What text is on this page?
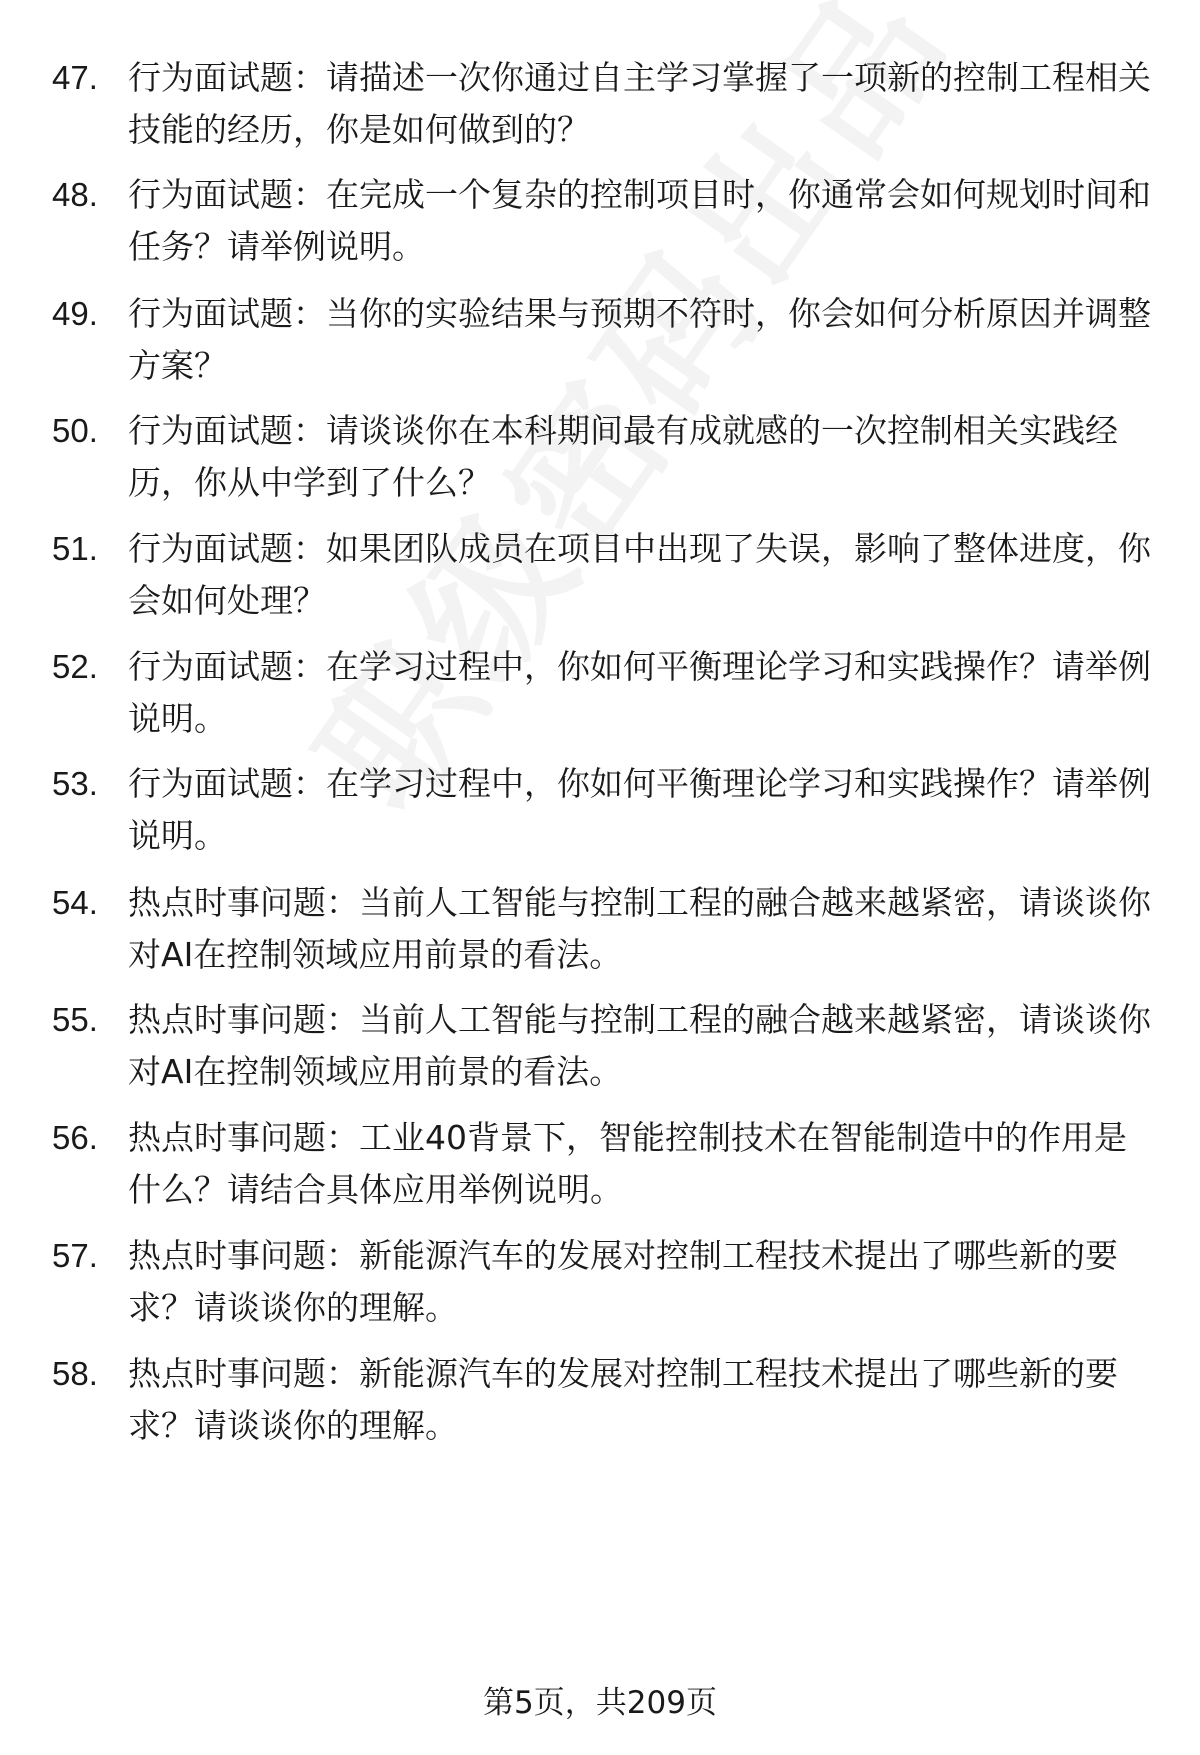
47. 行为面试题：请描述一次你通过自主学习掌握了一项新的控制工程相关技能的经历，你是如何做到的？
48. 行为面试题：在完成一个复杂的控制项目时，你通常会如何规划时间和任务？请举例说明。
49. 行为面试题：当你的实验结果与预期不符时，你会如何分析原因并调整方案？
50. 行为面试题：请谈谈你在本科期间最有成就感的一次控制相关实践经历，你从中学到了什么？
51. 行为面试题：如果团队成员在项目中出现了失误，影响了整体进度，你会如何处理？
52. 行为面试题：在学习过程中，你如何平衡理论学习和实践操作？请举例说明。
53. 行为面试题：在学习过程中，你如何平衡理论学习和实践操作？请举例说明。
54. 热点时事问题：当前人工智能与控制工程的融合越来越紧密，请谈谈你对AI在控制领域应用前景的看法。
55. 热点时事问题：当前人工智能与控制工程的融合越来越紧密，请谈谈你对AI在控制领域应用前景的看法。
56. 热点时事问题：工业40背景下，智能控制技术在智能制造中的作用是什么？请结合具体应用举例说明。
57. 热点时事问题：新能源汽车的发展对控制工程技术提出了哪些新的要求？请谈谈你的理解。
58. 热点时事问题：新能源汽车的发展对控制工程技术提出了哪些新的要求？请谈谈你的理解。
第5页，共209页
